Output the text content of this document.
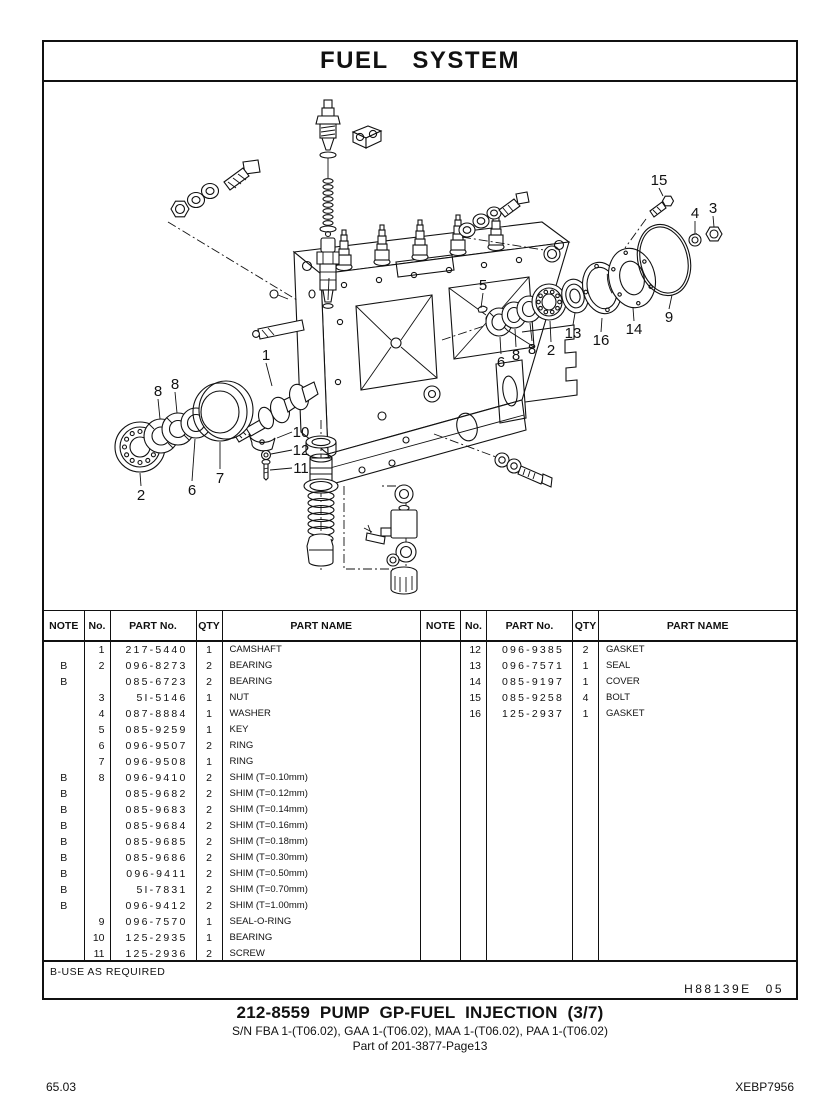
FUEL SYSTEM
15
3
4
9
14
16
13
2
8
8
6
5
1
8 8
2	6
7
10
12
11
NOTE	No.	PART No.	QTY	PART NAME
	1	217-5440	1	CAMSHAFT
B	2	096-8273	2	BEARING
B		085-6723	2	BEARING
	3	5I-5146	1	NUT
	4	087-8884	1	WASHER
	5	085-9259	1	KEY
	6	096-9507	2	RING
	7	096-9508	1	RING
B	8	096-9410	2	SHIM (T=0.10mm)
B		085-9682	2	SHIM (T=0.12mm)
B		085-9683	2	SHIM (T=0.14mm)
B		085-9684	2	SHIM (T=0.16mm)
B		085-9685	2	SHIM (T=0.18mm)
B		085-9686	2	SHIM (T=0.30mm)
B		096-9411	2	SHIM (T=0.50mm)
B		5I-7831	2	SHIM (T=0.70mm)
B		096-9412	2	SHIM (T=1.00mm)
	9	096-7570	1	SEAL-O-RING
	10	125-2935	1	BEARING
	11	125-2936	2	SCREW
NOTE	No.	PART No.	QTY	PART NAME
	12	096-9385	2	GASKET
	13	096-7571	1	SEAL
	14	085-9197	1	COVER
	15	085-9258	4	BOLT
	16	125-2937	1	GASKET

B-USE AS REQUIRED
H88139E 05
212-8559 PUMP GP-FUEL INJECTION (3/7)
S/N FBA 1-(T06.02), GAA 1-(T06.02), MAA 1-(T06.02), PAA 1-(T06.02)
Part of 201-3877-Page13
65.03	XEBP7956
